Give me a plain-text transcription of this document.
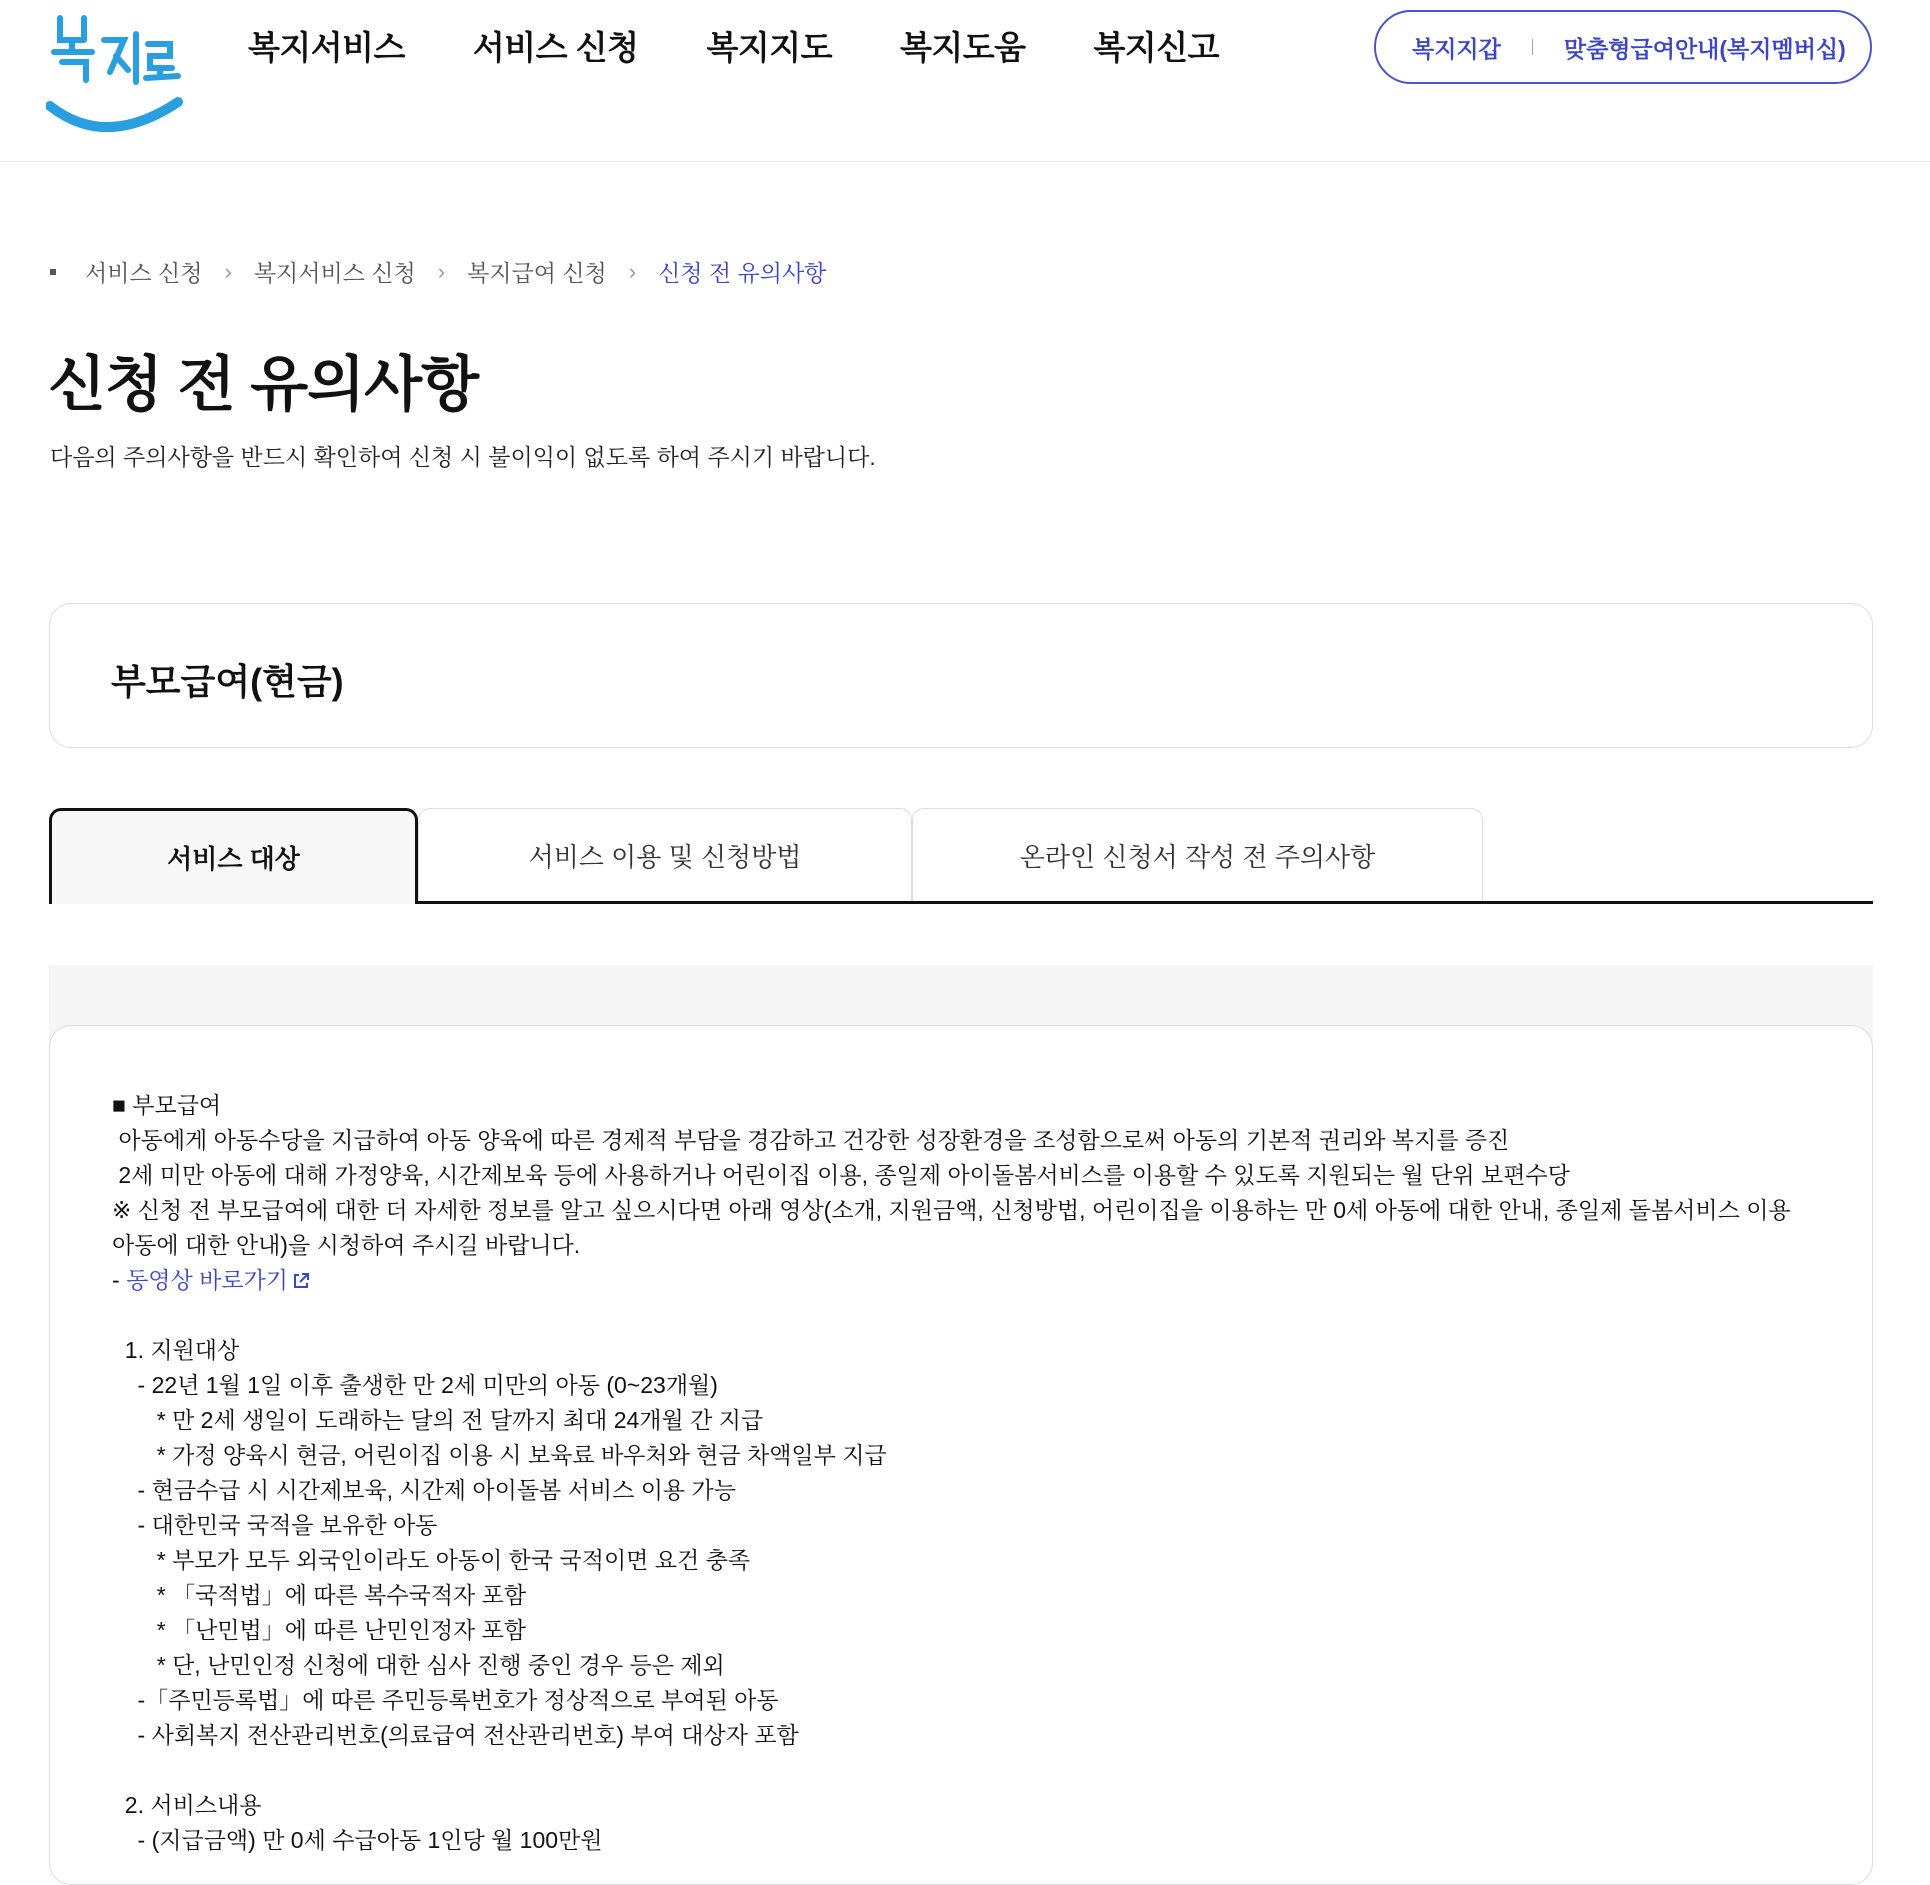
복지서비스 서비스 신청 복지지도 복지도움 복지신고	복지지갑	맞춤형급여안내(복지멤버십)
서비스 신청 › 복지서비스 신청 › 복지급여 신청 › 신청 전 유의사항
신청 전 유의사항
다음의 주의사항을 반드시 확인하여 신청 시 불이익이 없도록 하여 주시기 바랍니다.
부모급여(현금)
서비스 대상	서비스 이용 및 신청방법	온라인 신청서 작성 전 주의사항
■ 부모급여
아동에게 아동수당을 지급하여 아동 양육에 따른 경제적 부담을 경감하고 건강한 성장환경을 조성함으로써 아동의 기본적 권리와 복지를 증진
2세 미만 아동에 대해 가정양육, 시간제보육 등에 사용하거나 어린이집 이용, 종일제 아이돌봄서비스를 이용할 수 있도록 지원되는 월 단위 보편수당
※ 신청 전 부모급여에 대한 더 자세한 정보를 알고 싶으시다면 아래 영상(소개, 지원금액, 신청방법, 어린이집을 이용하는 만 0세 아동에 대한 안내, 종일제 돌봄서비스 이용 아동에 대한 안내)을 시청하여 주시길 바랍니다.
- 동영상 바로가기
1. 지원대상
- 22년 1월 1일 이후 출생한 만 2세 미만의 아동 (0~23개월)
* 만 2세 생일이 도래하는 달의 전 달까지 최대 24개월 간 지급
* 가정 양육시 현금, 어린이집 이용 시 보육료 바우처와 현금 차액일부 지급
- 현금수급 시 시간제보육, 시간제 아이돌봄 서비스 이용 가능
- 대한민국 국적을 보유한 아동
* 부모가 모두 외국인이라도 아동이 한국 국적이면 요건 충족
* 「국적법」에 따른 복수국적자 포함
* 「난민법」에 따른 난민인정자 포함
* 단, 난민인정 신청에 대한 심사 진행 중인 경우 등은 제외
-「주민등록법」에 따른 주민등록번호가 정상적으로 부여된 아동
- 사회복지 전산관리번호(의료급여 전산관리번호) 부여 대상자 포함
2. 서비스내용
- (지급금액) 만 0세 수급아동 1인당 월 100만원
